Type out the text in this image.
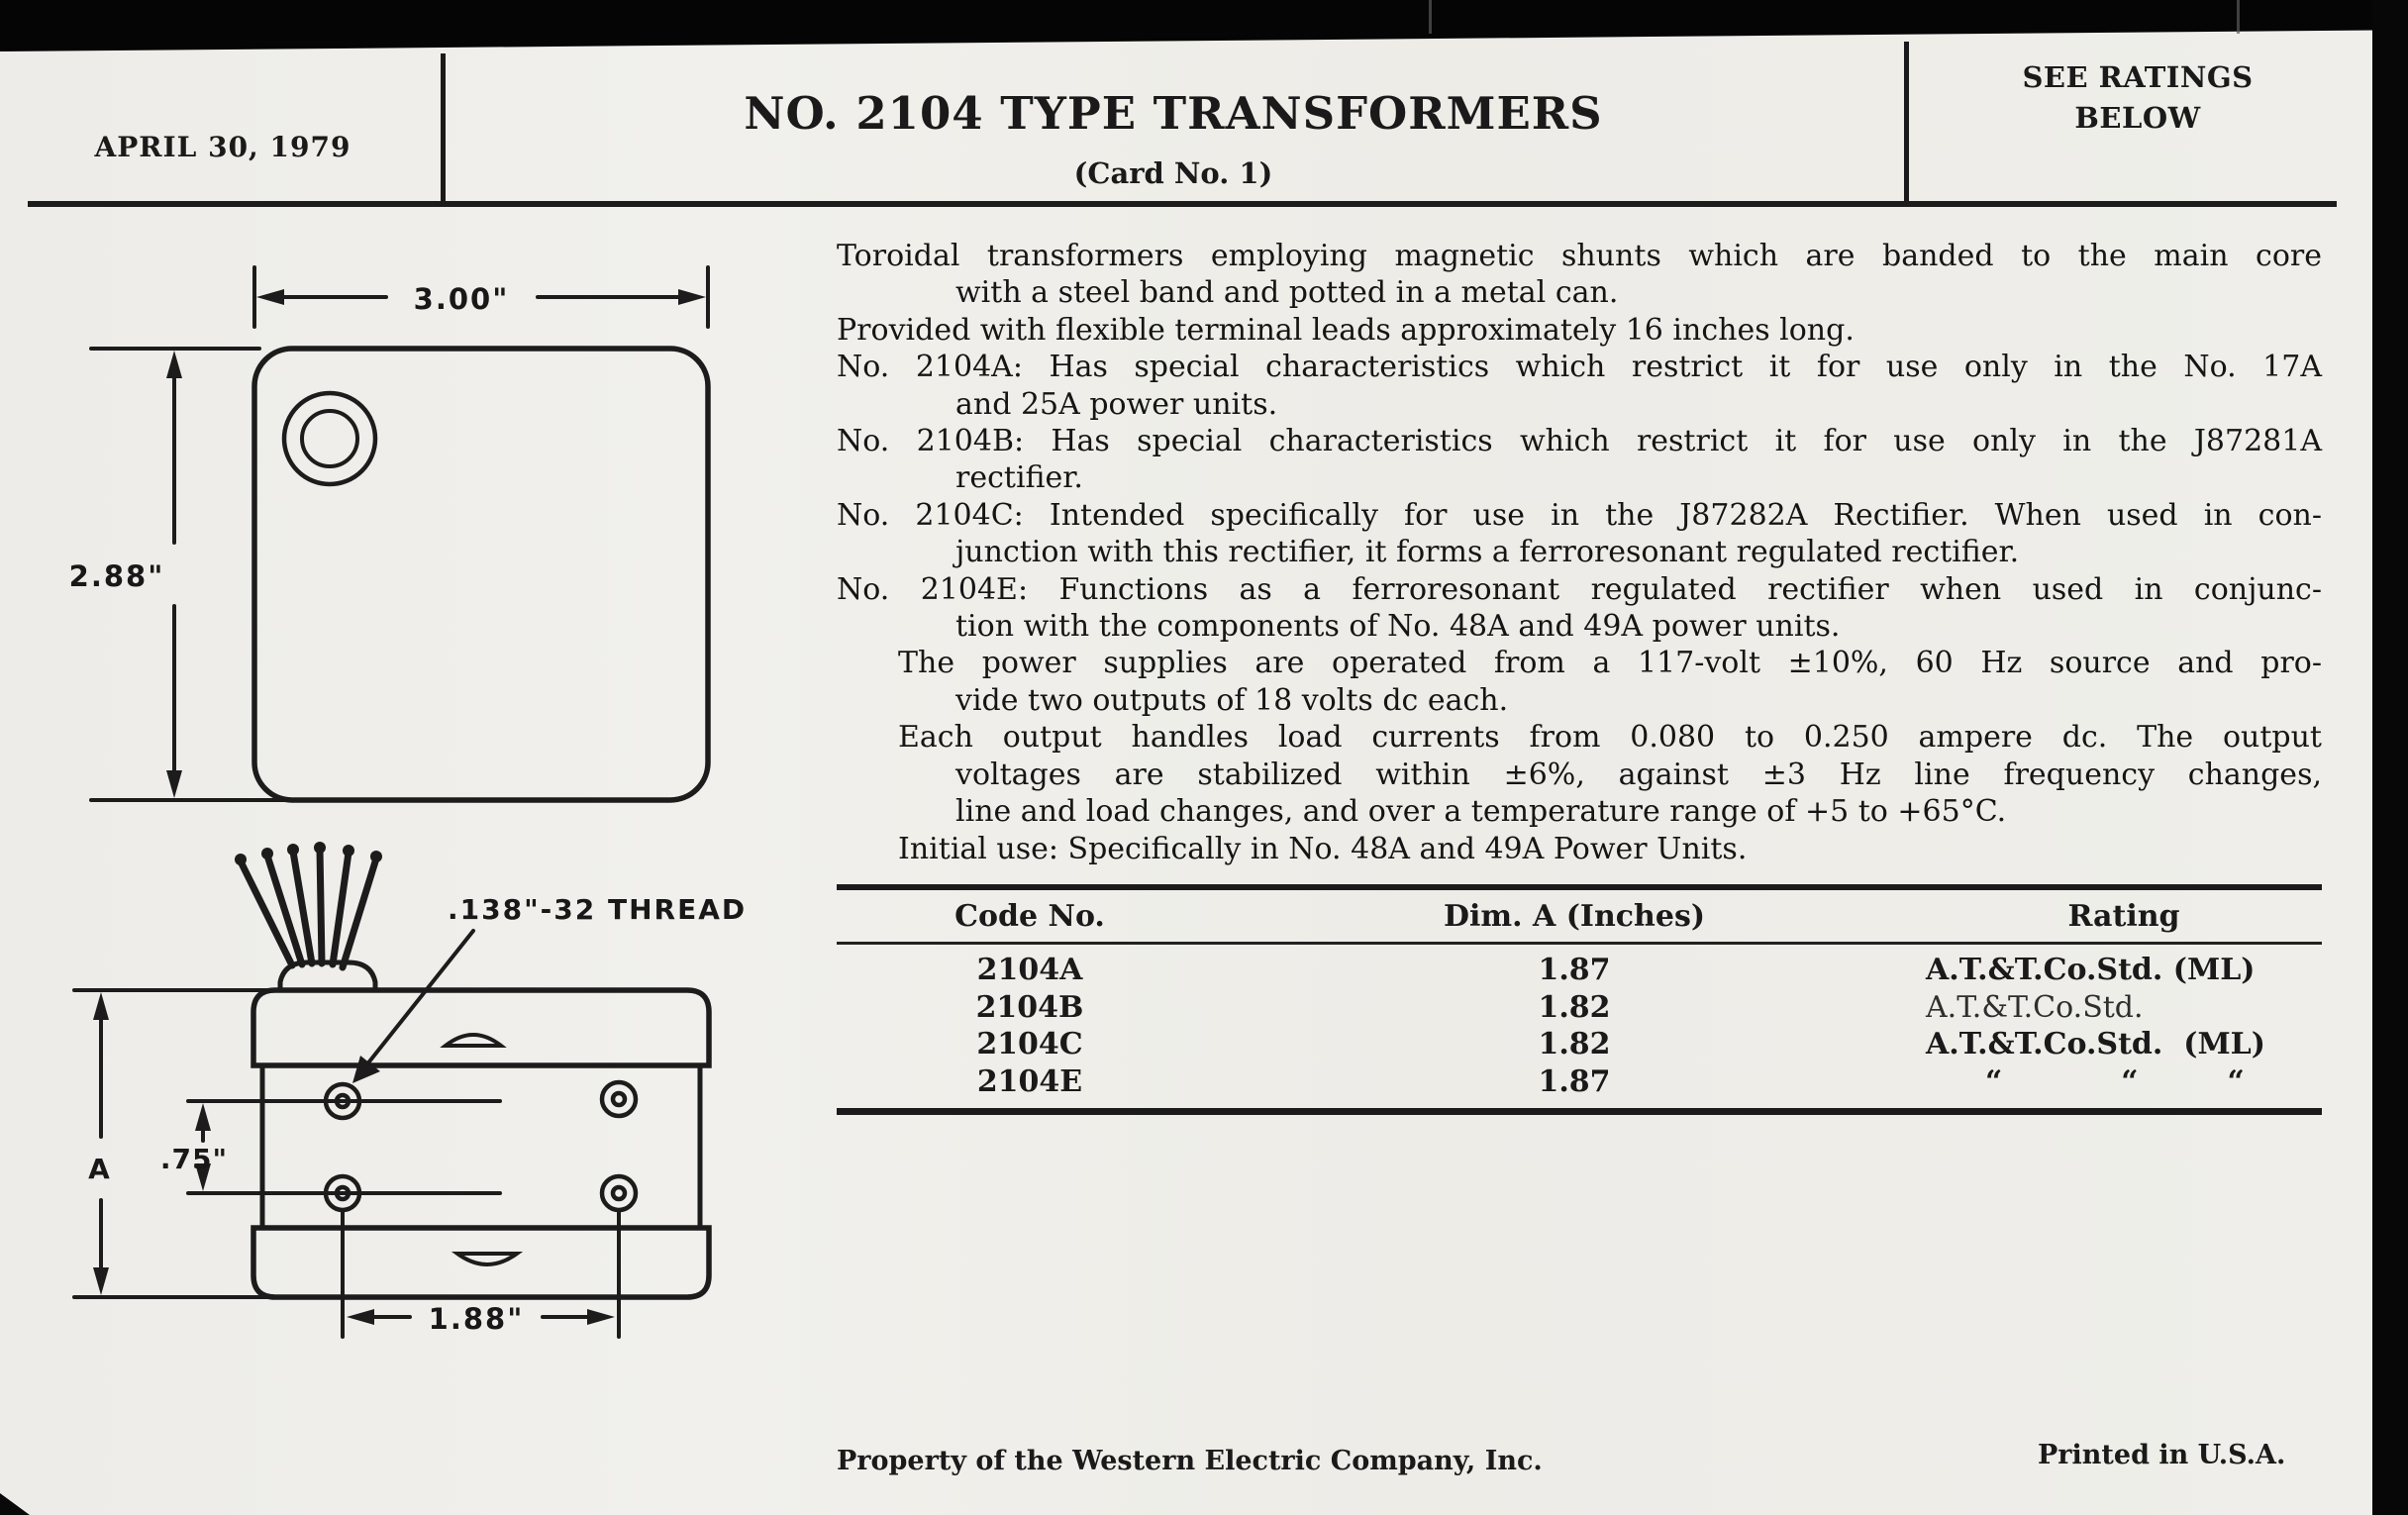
APRIL 30, 1979
NO. 2104 TYPE TRANSFORMERS
(Card No. 1)
SEE RATINGS
BELOW
Toroidal transformers employing magnetic shunts which are banded to the main core
with a steel band and potted in a metal can.
Provided with flexible terminal leads approximately 16 inches long.
No. 2104A: Has special characteristics which restrict it for use only in the No. 17A
and 25A power units.
No. 2104B: Has special characteristics which restrict it for use only in the J87281A
rectifier.
No. 2104C: Intended specifically for use in the J87282A Rectifier. When used in con-
junction with this rectifier, it forms a ferroresonant regulated rectifier.
No. 2104E: Functions as a ferroresonant regulated rectifier when used in conjunc-
tion with the components of No. 48A and 49A power units.
The power supplies are operated from a 117-volt ±10%, 60 Hz source and pro-
vide two outputs of 18 volts dc each.
Each output handles load currents from 0.080 to 0.250 ampere dc. The output
voltages are stabilized within ±6%, against ±3 Hz line frequency changes,
line and load changes, and over a temperature range of +5 to +65°C.
Initial use: Specifically in No. 48A and 49A Power Units.
Code No.	Dim. A (Inches)	Rating
2104A	1.87	A.T.&T.Co.Std. (ML)
2104B	1.82	A.T.&T.Co.Std.
2104C	1.82	A.T.&T.Co.Std.  (ML)
2104E	1.87	  “    “   “
3.00"
2.88"
.138"-32 THREAD
A .75"
1.88"
Property of the Western Electric Company, Inc.	Printed in U.S.A.
